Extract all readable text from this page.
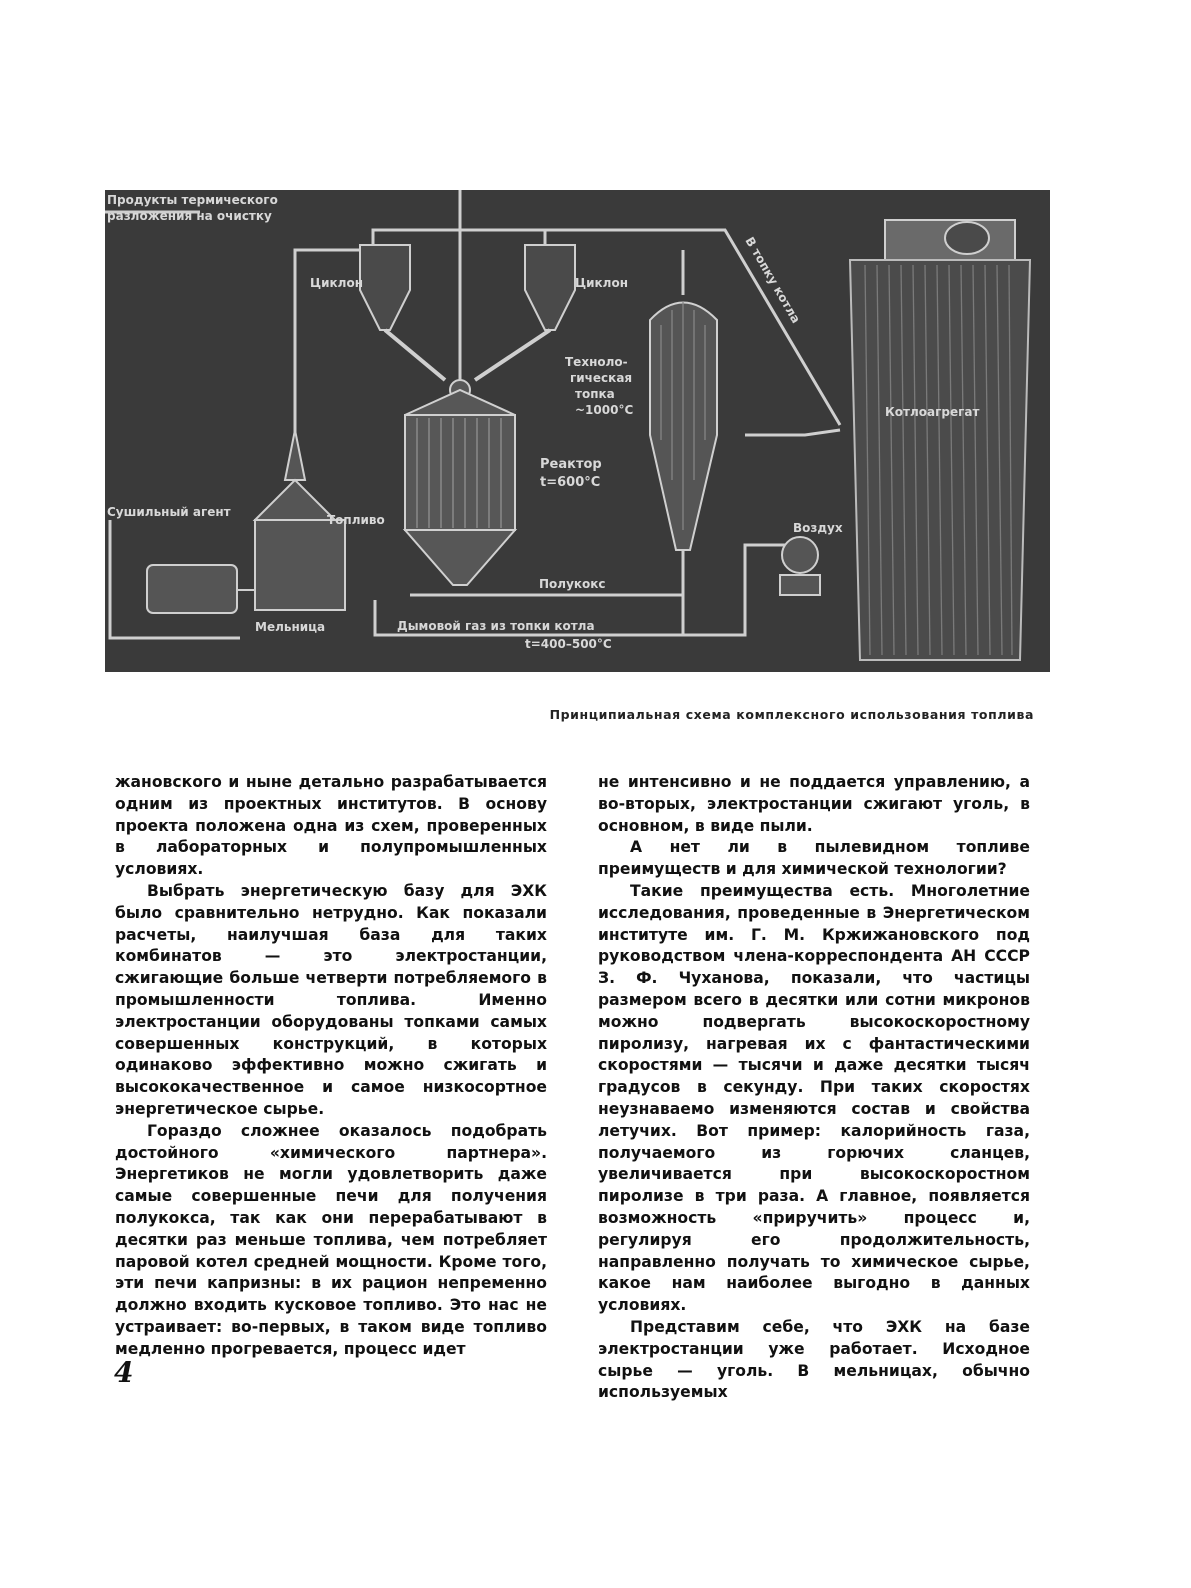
Продукты термического
разложения на очистку
Циклон	Циклон	В топку котла
Техноло-
гическая
топка
~1000°C	Котлоагрегат
Реактор
t=600°C
Сушильный агент
Топливо
Воздух
Полукокс
Мельница	Дымовой газ из топки котла
t=400–500°C
Принципиальная схема комплексного использования топлива

жановского и ныне детально разрабатывается одним из проектных институтов. В основу проекта положена одна из схем, проверенных в лабораторных и полупромышленных условиях.

Выбрать энергетическую базу для ЭХК было сравнительно нетрудно. Как показали расчеты, наилучшая база для таких комбинатов — это электростанции, сжигающие больше четверти потребляемого в промышленности топлива. Именно электростанции оборудованы топками самых совершенных конструкций, в которых одинаково эффективно можно сжигать и высококачественное и самое низкосортное энергетическое сырье.

Гораздо сложнее оказалось подобрать достойного «химического партнера». Энергетиков не могли удовлетворить даже самые совершенные печи для получения полукокса, так как они перерабатывают в десятки раз меньше топлива, чем потребляет паровой котел средней мощности. Кроме того, эти печи капризны: в их рацион непременно должно входить кусковое топливо. Это нас не устраивает: во-первых, в таком виде топливо медленно прогревается, процесс идет

не интенсивно и не поддается управлению, а во-вторых, электростанции сжигают уголь, в основном, в виде пыли.

А нет ли в пылевидном топливе преимуществ и для химической технологии?

Такие преимущества есть. Многолетние исследования, проведенные в Энергетическом институте им. Г. М. Кржижановского под руководством члена-корреспондента АН СССР З. Ф. Чуханова, показали, что частицы размером всего в десятки или сотни микронов можно подвергать высокоскоростному пиролизу, нагревая их с фантастическими скоростями — тысячи и даже десятки тысяч градусов в секунду. При таких скоростях неузнаваемо изменяются состав и свойства летучих. Вот пример: калорийность газа, получаемого из горючих сланцев, увеличивается при высокоскоростном пиролизе в три раза. А главное, появляется возможность «приручить» процесс и, регулируя его продолжительность, направленно получать то химическое сырье, какое нам наиболее выгодно в данных условиях.

Представим себе, что ЭХК на базе электростанции уже работает. Исходное сырье — уголь. В мельницах, обычно используемых

4
